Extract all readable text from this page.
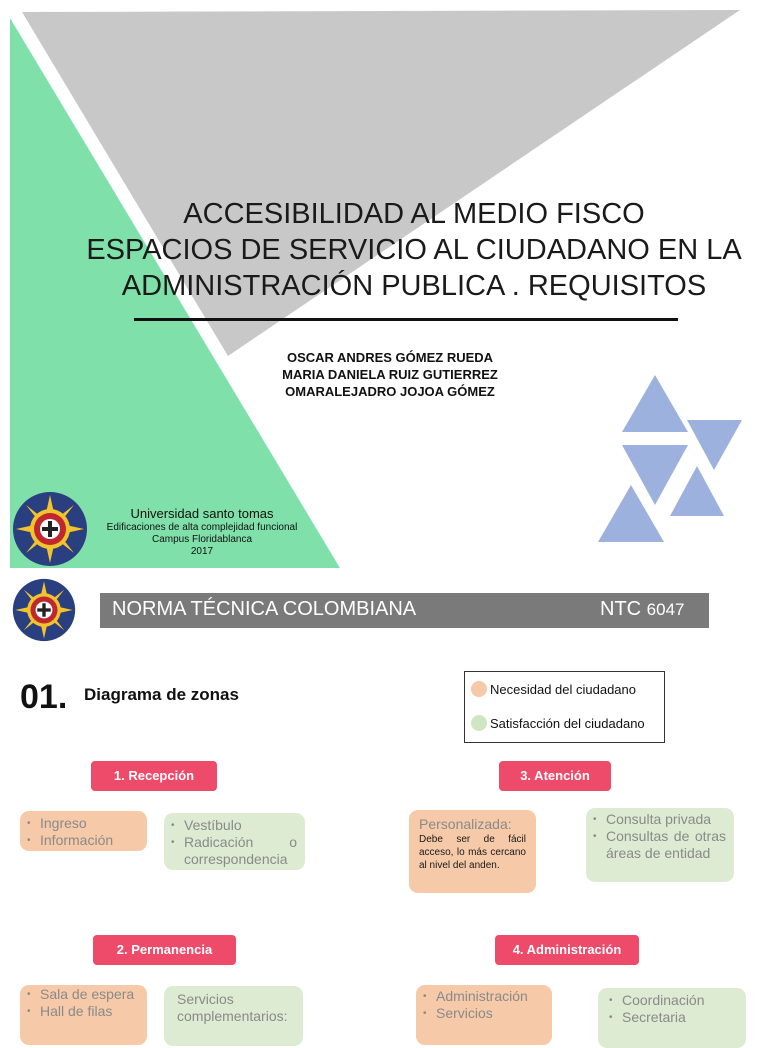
ACCESIBILIDAD AL MEDIO FISCO
ESPACIOS DE SERVICIO AL CIUDADANO EN LA
ADMINISTRACIÓN PUBLICA . REQUISITOS
OSCAR ANDRES GÓMEZ RUEDA
MARIA DANIELA RUIZ GUTIERREZ
OMARALEJADRO JOJOA GÓMEZ
Universidad santo tomas
Edificaciones de alta complejidad funcional
Campus Floridablanca
2017
NORMA TÉCNICA COLOMBIANA	NTC 6047
01. Diagrama de zonas	Necesidad del ciudadano
Satisfacción del ciudadano
1. Recepción
• Ingreso
• Información
• Vestíbulo
• Radicación o correspondencia
3. Atención
Personalizada:
Debe ser de fácil acceso, lo más cercano al nivel del anden.
• Consulta privada
• Consultas de otras áreas de entidad
2. Permanencia
• Sala de espera
• Hall de filas
Servicios complementarios:
4. Administración
• Administración
• Servicios
• Coordinación
• Secretaria
